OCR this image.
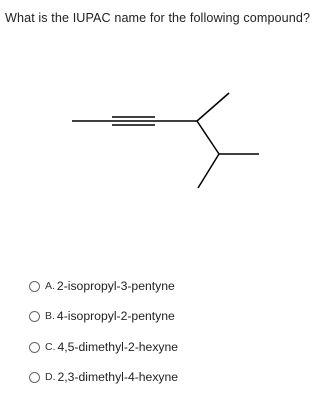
What is the IUPAC name for the following compound?
A. 2-isopropyl-3-pentyne
B. 4-isopropyl-2-pentyne
C. 4,5-dimethyl-2-hexyne
D. 2,3-dimethyl-4-hexyne
